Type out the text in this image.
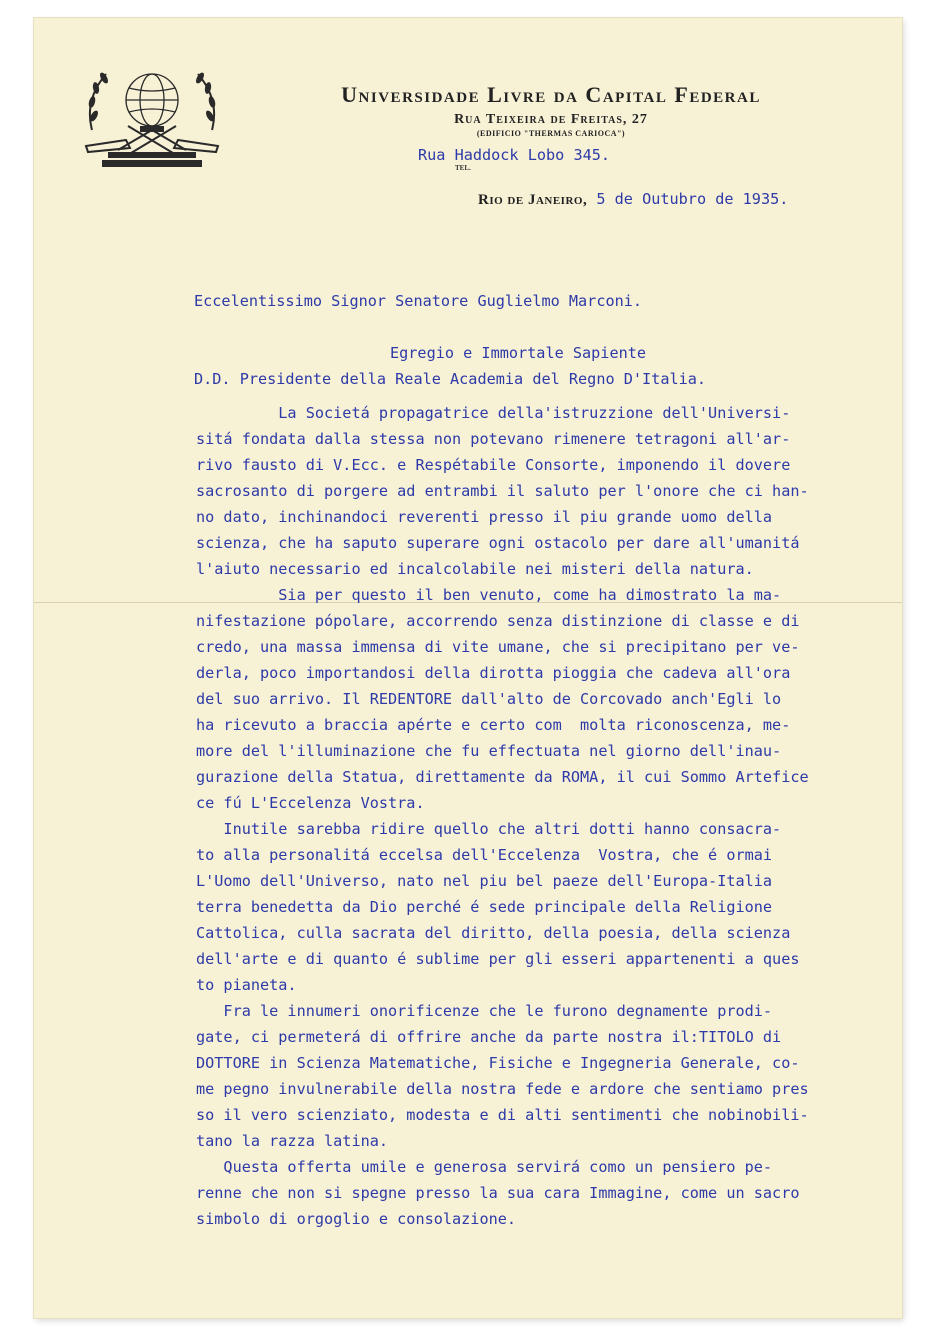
Universidade Livre da Capital Federal
Rua Teixeira de Freitas, 27
(EDIFICIO "THERMAS CARIOCA")
TEL.
Rua Haddock Lobo 345.
Rio de Janeiro, 5 de Outubro de 1935.

Eccelentissimo Signor Senatore Guglielmo Marconi.

D.D. Presidente della Reale Academia del Regno D'Italia.

Egregio e Immortale Sapiente
La Societá propagatrice della'istruzzione dell'Universi-
sitá fondata dalla stessa non potevano rimenere tetragoni all'ar-
rivo fausto di V.Ecc. e Respétabile Consorte, imponendo il dovere
sacrosanto di porgere ad entrambi il saluto per l'onore che ci han-
no dato, inchinandoci reverenti presso il piu grande uomo della
scienza, che ha saputo superare ogni ostacolo per dare all'umanitá
l'aiuto necessario ed incalcolabile nei misteri della natura.
Sia per questo il ben venuto, come ha dimostrato la ma-
nifestazione pópolare, accorrendo senza distinzione di classe e di
credo, una massa immensa di vite umane, che si precipitano per ve-
derla, poco importandosi della dirotta pioggia che cadeva all'ora
del suo arrivo. Il REDENTORE dall'alto de Corcovado anch'Egli lo
ha ricevuto a braccia apérte e certo com  molta riconoscenza, me-
more del l'illuminazione che fu effectuata nel giorno dell'inau-
gurazione della Statua, direttamente da ROMA, il cui Sommo Artefice
ce fú L'Eccelenza Vostra.
Inutile sarebba ridire quello che altri dotti hanno consacra-
to alla personalitá eccelsa dell'Eccelenza  Vostra, che é ormai
L'Uomo dell'Universo, nato nel piu bel paeze dell'Europa-Italia
terra benedetta da Dio perché é sede principale della Religione
Cattolica, culla sacrata del diritto, della poesia, della scienza
dell'arte e di quanto é sublime per gli esseri appartenenti a ques
to pianeta.
Fra le innumeri onorificenze che le furono degnamente prodi-
gate, ci permeterá di offrire anche da parte nostra il:TITOLO di
DOTTORE in Scienza Matematiche, Fisiche e Ingegneria Generale, co-
me pegno invulnerabile della nostra fede e ardore che sentiamo pres
so il vero scienziato, modesta e di alti sentimenti che nobinobili-
tano la razza latina.
Questa offerta umile e generosa servirá como un pensiero pe-
renne che non si spegne presso la sua cara Immagine, come un sacro
simbolo di orgoglio e consolazione.
